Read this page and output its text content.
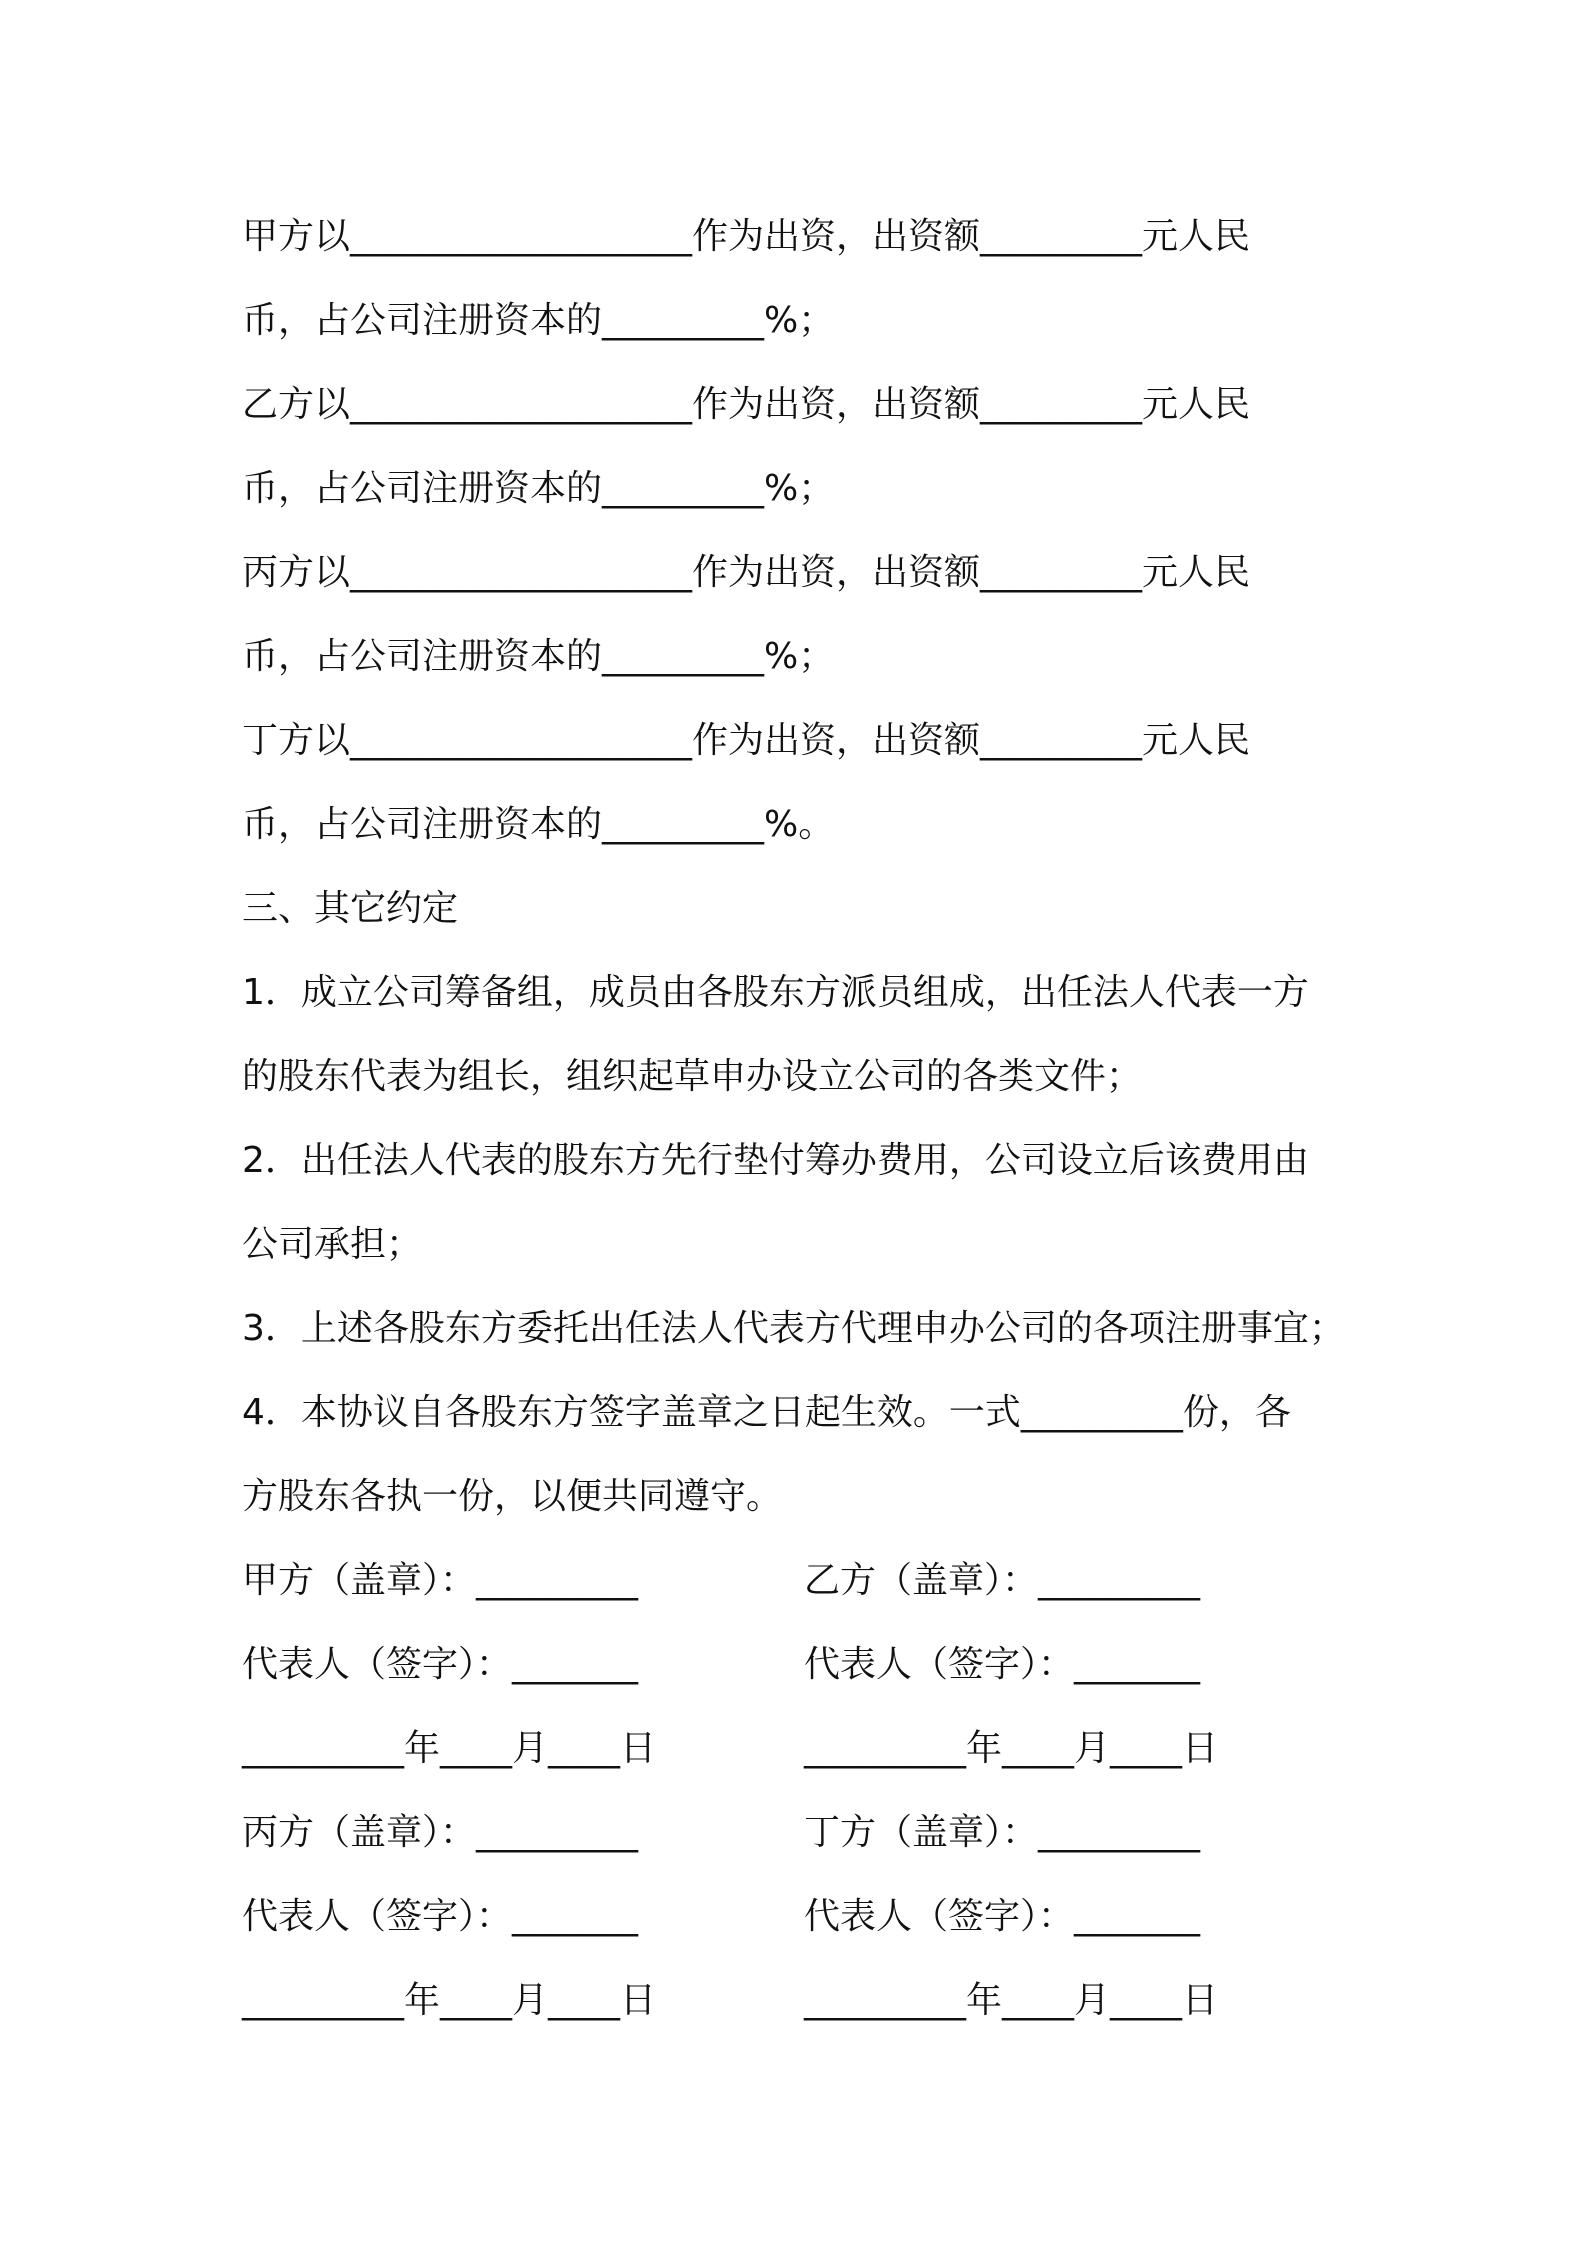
甲方以___________________作为出资，出资额_________元人民
币，占公司注册资本的_________%；
乙方以___________________作为出资，出资额_________元人民
币，占公司注册资本的_________%；
丙方以___________________作为出资，出资额_________元人民
币，占公司注册资本的_________%；
丁方以___________________作为出资，出资额_________元人民
币，占公司注册资本的_________%。
三、其它约定
1．成立公司筹备组，成员由各股东方派员组成，出任法人代表一方
的股东代表为组长，组织起草申办设立公司的各类文件；
2．出任法人代表的股东方先行垫付筹办费用，公司设立后该费用由
公司承担；
3．上述各股东方委托出任法人代表方代理申办公司的各项注册事宜；
4．本协议自各股东方签字盖章之日起生效。一式_________份，各
方股东各执一份，以便共同遵守。
甲方（盖章）：_________	乙方（盖章）：_________
代表人（签字）：_______	代表人（签字）：_______
_________年____月____日	_________年____月____日
丙方（盖章）：_________	丁方（盖章）：_________
代表人（签字）：_______	代表人（签字）：_______
_________年____月____日	_________年____月____日
